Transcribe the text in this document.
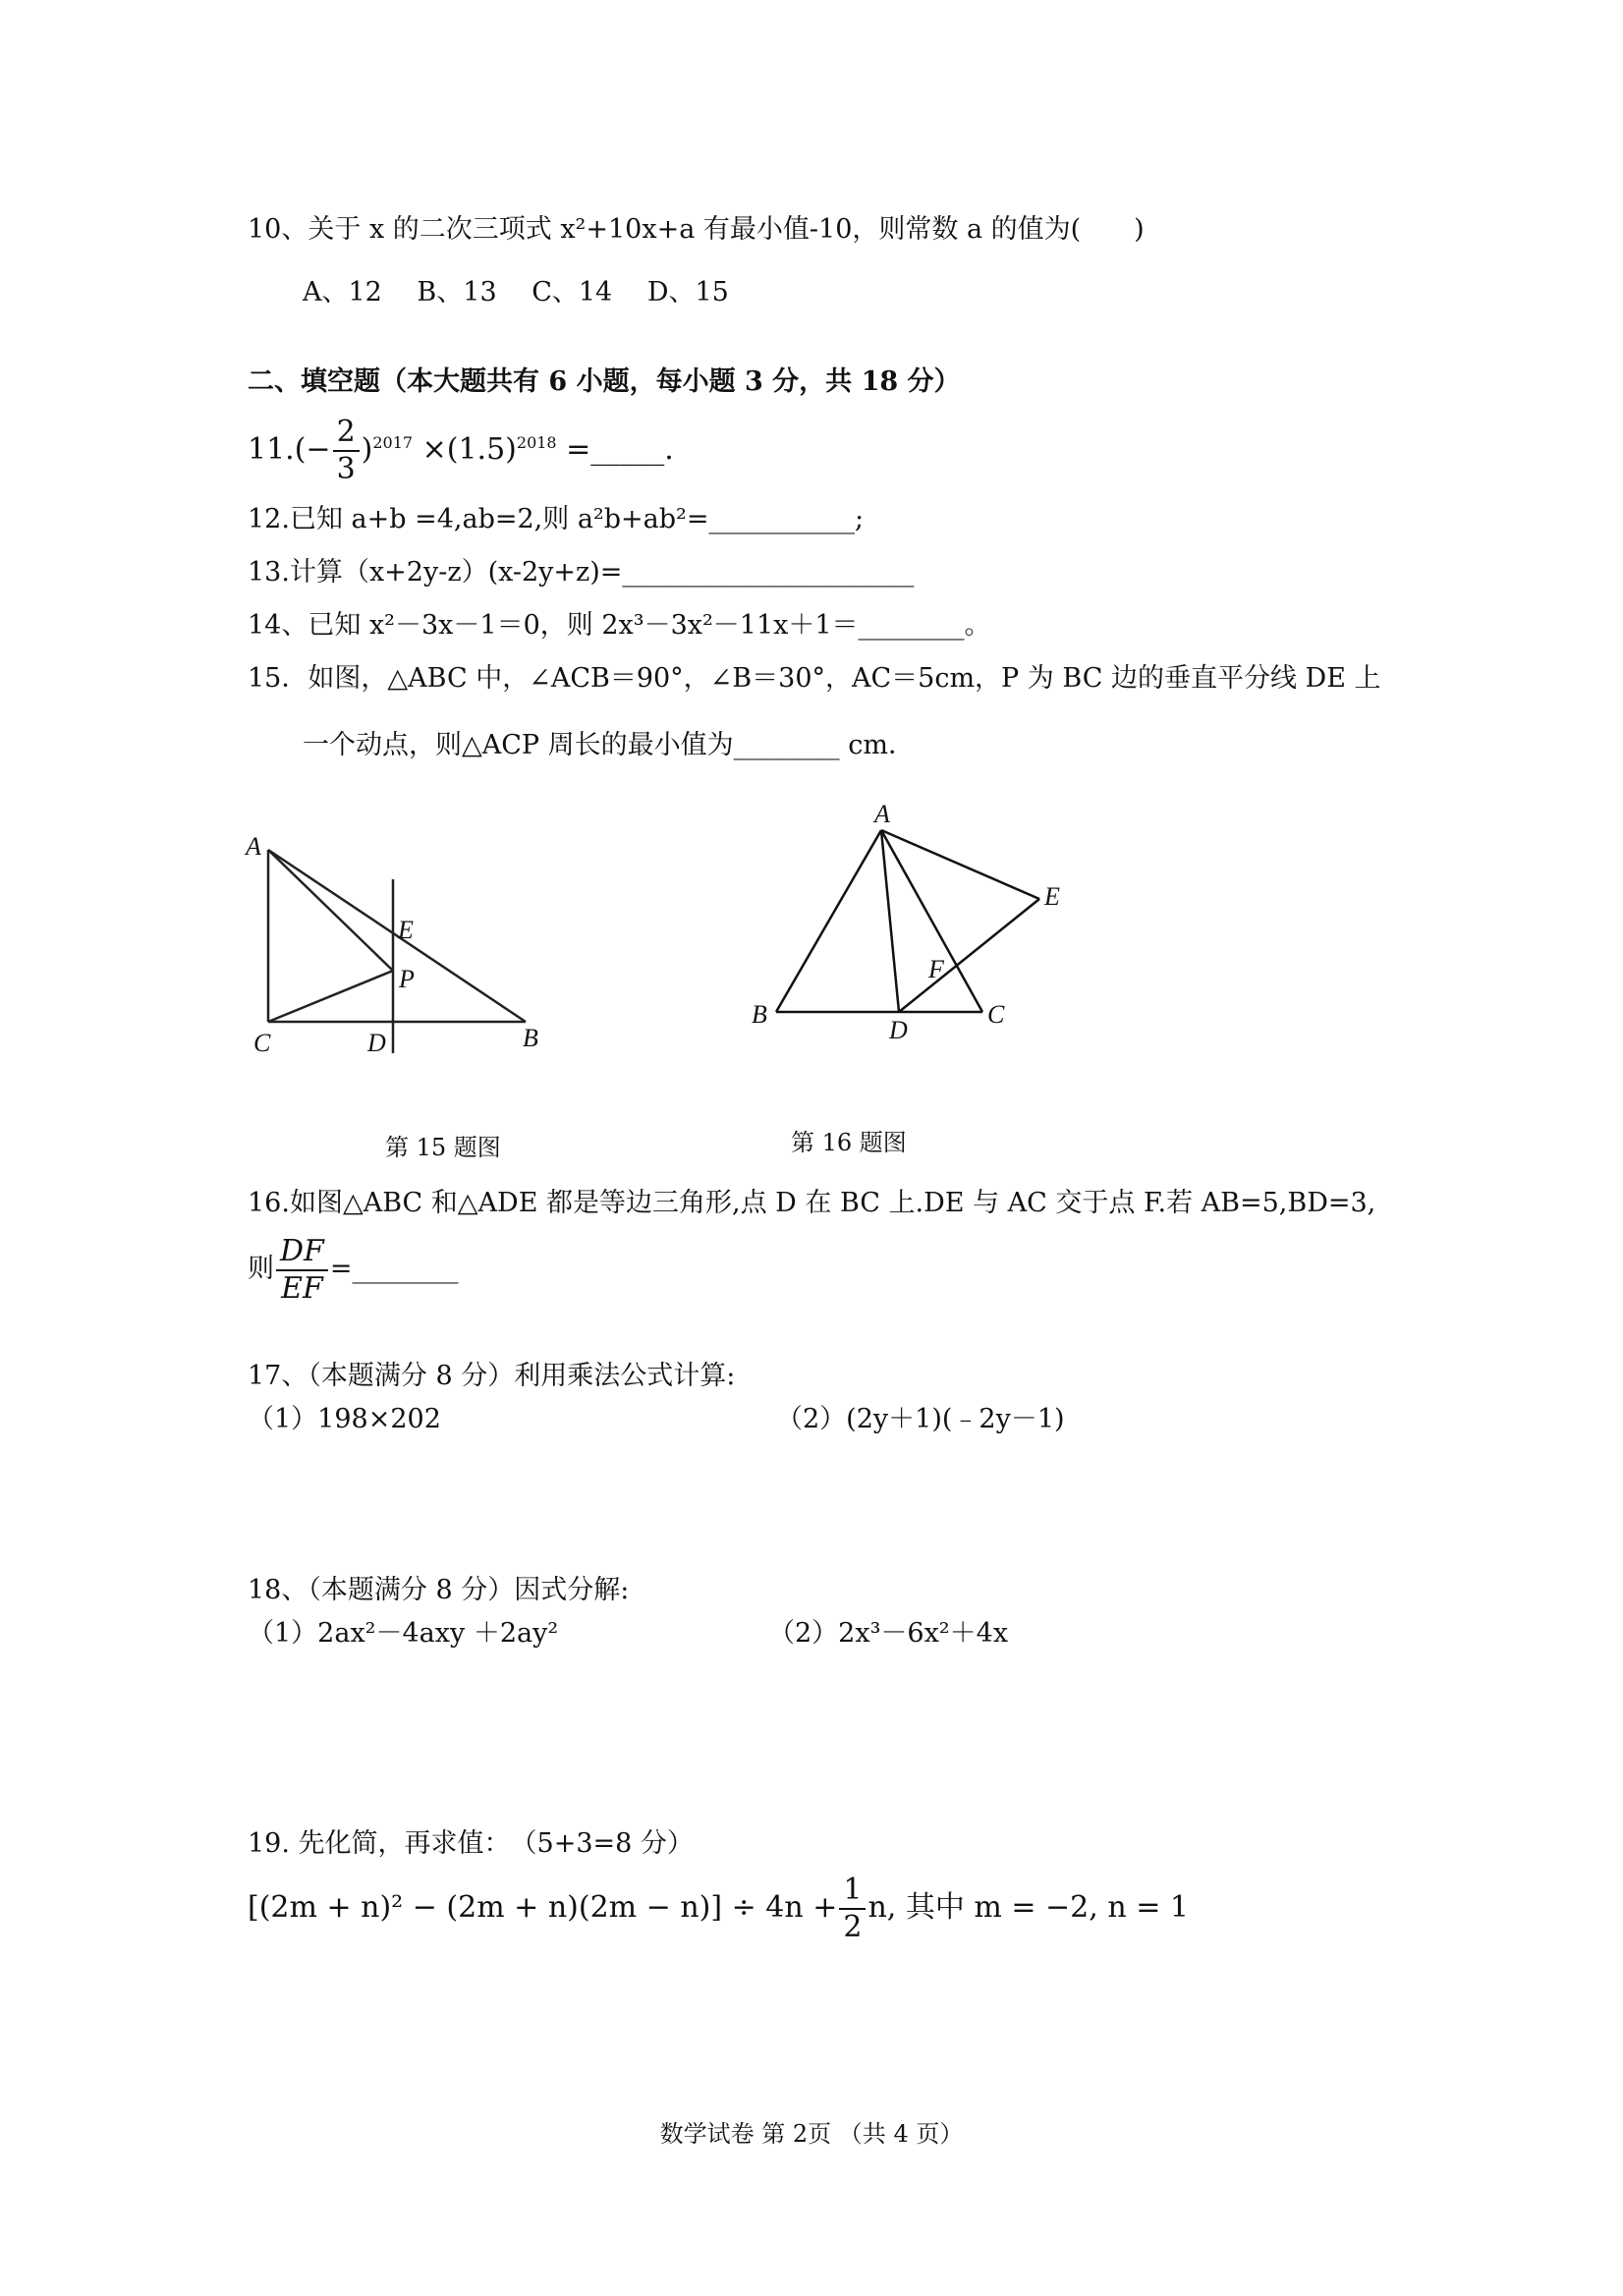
10、关于 x 的二次三项式 x²+10x+a 有最小值-10，则常数 a 的值为(　　)
A、12　 B、13　 C、14　 D、15
二、填空题（本大题共有 6 小题，每小题 3 分，共 18 分）
$11.(- \frac{2}{3} )^{2017} \times(1.5)^{2018}$ =_____.
12.已知 a+b =4,ab=2,则 a²b+ab²=___________;
13.计算（x+2y-z）(x-2y+z)=______________________
14、已知 x²－3x－1＝0，则 2x³－3x²－11x＋1＝________。
15．如图，△ABC 中，∠ACB＝90°，∠B＝30°，AC＝5cm，P 为 BC 边的垂直平分线 DE 上
一个动点，则△ACP 周长的最小值为________ cm．
A
E
P
C	D	B
A
E
F
B
D
C
第 15 题图	第 16 题图
16.如图△ABC 和△ADE 都是等边三角形,点 D 在 BC 上.DE 与 AC 交于点 F.若 AB=5,BD=3,
则 $\frac{DF}{EF}$ =________
17、（本题满分 8 分）利用乘法公式计算:
（1）198×202	（2）(2y＋1)(﹣2y－1)
18、（本题满分 8 分）因式分解:
（1）2ax²－4axy ＋2ay²	（2）2x³－6x²＋4x
19. 先化简，再求值：　（5+3=8 分）
$[(2m + n)^2 - (2m + n)(2m - n)] \div 4n + \frac{1}{2} n$, 其中 m = −2, n = 1
数学试卷 第 2页 （共 4 页）
